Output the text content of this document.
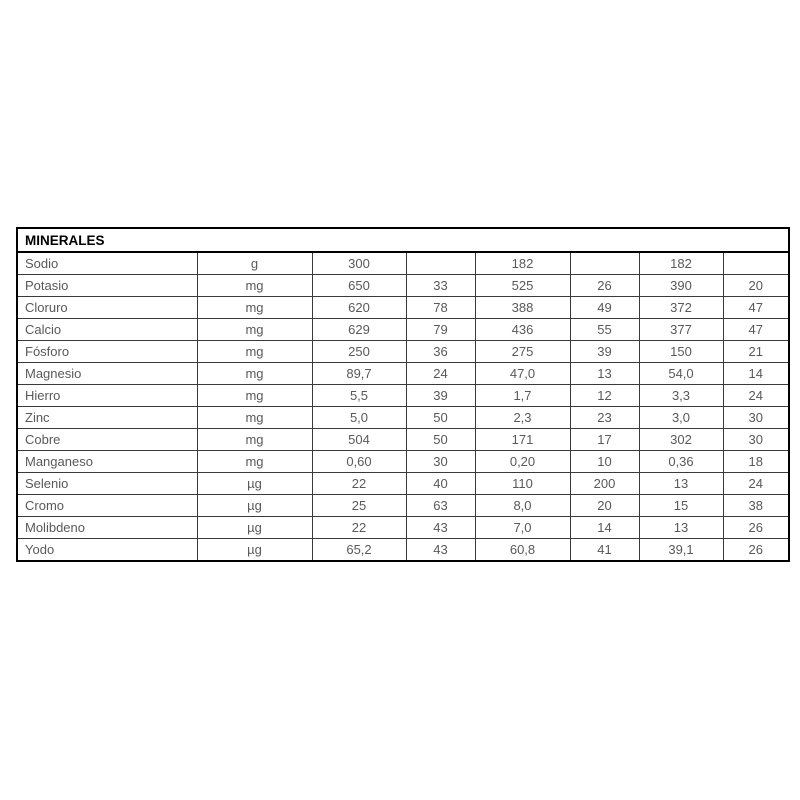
MINERALES							
Sodio	g	300		182		182	
Potasio	mg	650	33	525	26	390	20
Cloruro	mg	620	78	388	49	372	47
Calcio	mg	629	79	436	55	377	47
Fósforo	mg	250	36	275	39	150	21
Magnesio	mg	89,7	24	47,0	13	54,0	14
Hierro	mg	5,5	39	1,7	12	3,3	24
Zinc	mg	5,0	50	2,3	23	3,0	30
Cobre	mg	504	50	171	17	302	30
Manganeso	mg	0,60	30	0,20	10	0,36	18
Selenio	µg	22	40	110	200	13	24
Cromo	µg	25	63	8,0	20	15	38
Molibdeno	µg	22	43	7,0	14	13	26
Yodo	µg	65,2	43	60,8	41	39,1	26
